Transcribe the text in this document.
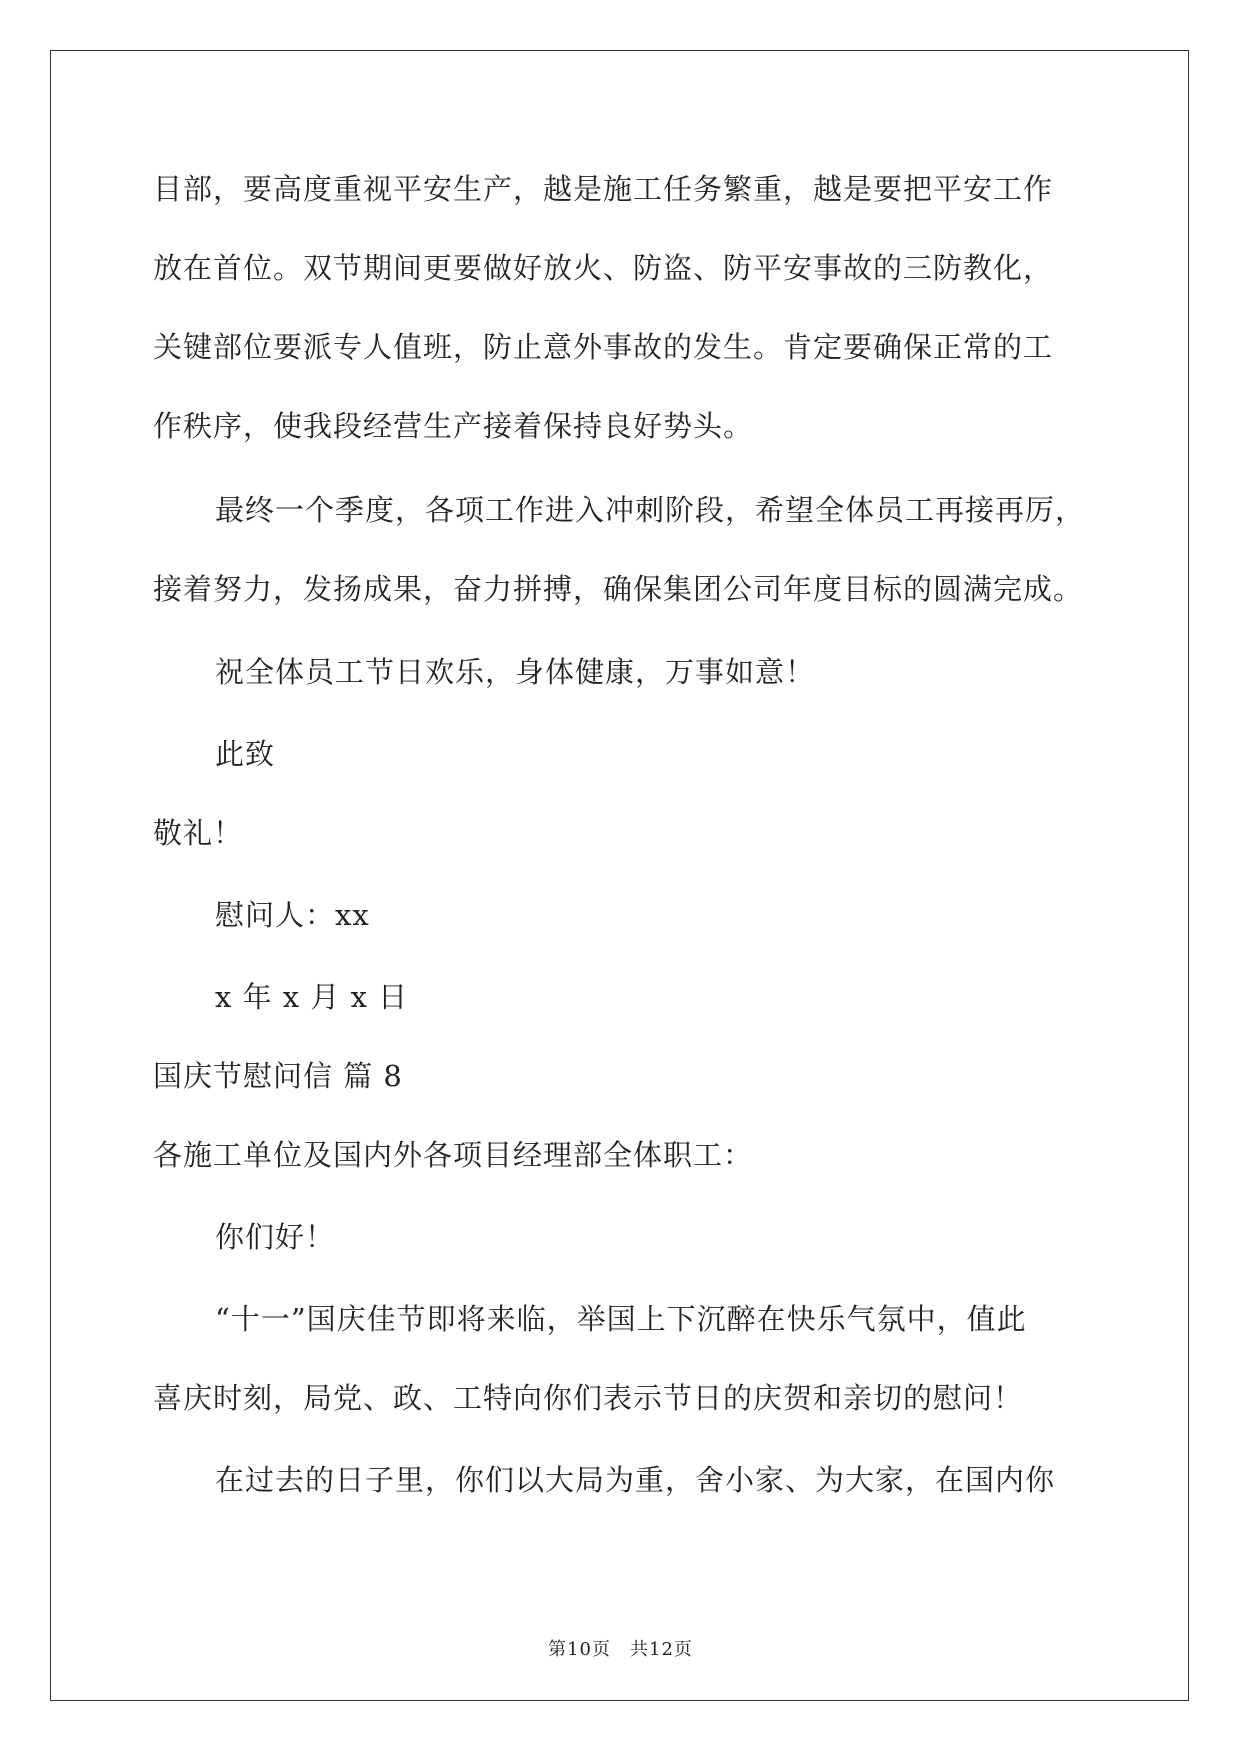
目部，要高度重视平安生产，越是施工任务繁重，越是要把平安工作
放在首位。双节期间更要做好放火、防盗、防平安事故的三防教化，
关键部位要派专人值班，防止意外事故的发生。肯定要确保正常的工
作秩序，使我段经营生产接着保持良好势头。
最终一个季度，各项工作进入冲刺阶段，希望全体员工再接再厉，
接着努力，发扬成果，奋力拼搏，确保集团公司年度目标的圆满完成。
祝全体员工节日欢乐，身体健康，万事如意！
此致
敬礼！
慰问人：xx
x 年 x 月 x 日
国庆节慰问信 篇 8
各施工单位及国内外各项目经理部全体职工：
你们好！
“十一”国庆佳节即将来临，举国上下沉醉在快乐气氛中，值此
喜庆时刻，局党、政、工特向你们表示节日的庆贺和亲切的慰问！
在过去的日子里，你们以大局为重，舍小家、为大家，在国内你
第10页　共12页
